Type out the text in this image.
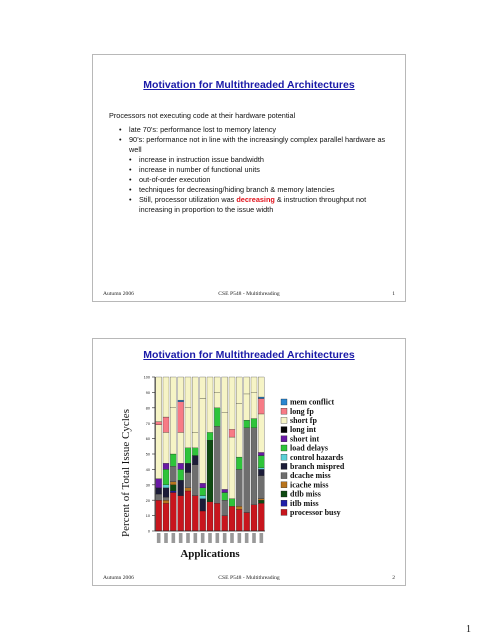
Motivation for Multithreaded Architectures

Processors not executing code at their hardware potential

• late 70’s: performance lost to memory latency
• 90’s: performance not in line with the increasingly complex parallel hardware as well
• increase in instruction issue bandwidth
• increase in number of functional units
• out-of-order execution
• techniques for decreasing/hiding branch & memory latencies
• Still, processor utilization was decreasing & instruction throughput not increasing in proportion to the issue width
Autumn 2006	CSE P548 - Multithreading	1
Motivation for Multithreaded Architectures
Percent of Total Issue Cycles
Applications
0
10
20
30
40
50
60
70
80
90
100
mem conflict
long fp
short fp
long int
short int
load delays
control hazards
branch mispred
dcache miss
icache miss
dtlb miss
itlb miss
processor busy
Autumn 2006	CSE P548 - Multithreading	2
1
